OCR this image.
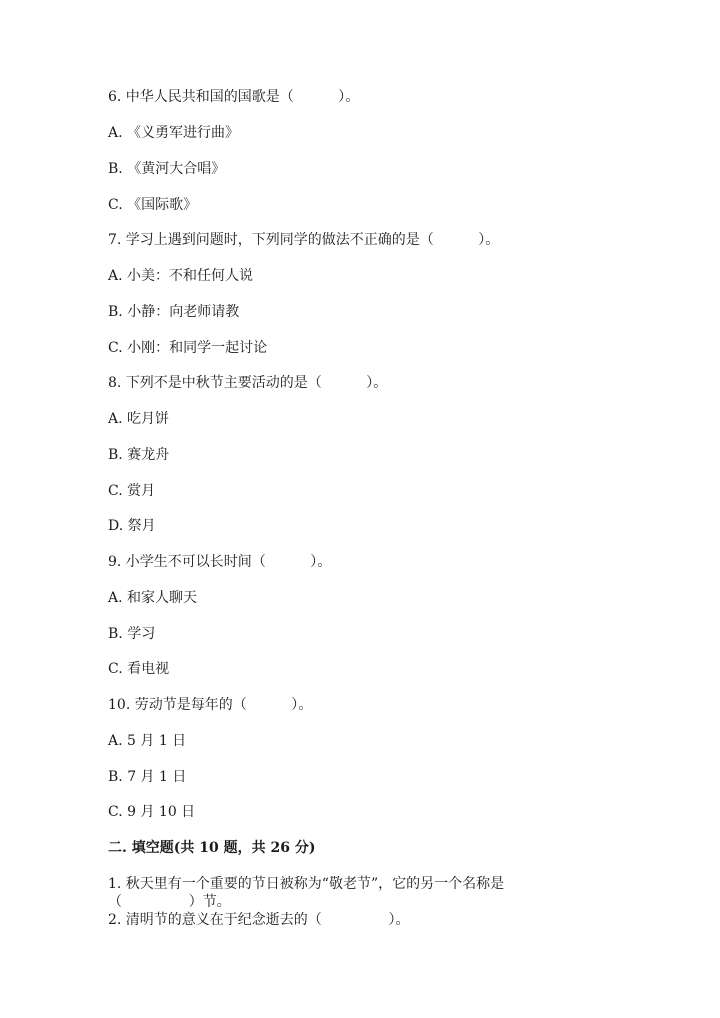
6. 中华人民共和国的国歌是（          ）。
A. 《义勇军进行曲》
B. 《黄河大合唱》
C. 《国际歌》
7. 学习上遇到问题时，下列同学的做法不正确的是（          ）。
A. 小美：不和任何人说
B. 小静：向老师请教
C. 小刚：和同学一起讨论
8. 下列不是中秋节主要活动的是（          ）。
A. 吃月饼
B. 赛龙舟
C. 赏月
D. 祭月
9. 小学生不可以长时间（          ）。
A. 和家人聊天
B. 学习
C. 看电视
10. 劳动节是每年的（          ）。
A. 5 月 1 日
B. 7 月 1 日
C. 9 月 10 日
二. 填空题(共 10 题，共 26 分)
1. 秋天里有一个重要的节日被称为“敬老节”，它的另一个名称是
（               ）节。
2. 清明节的意义在于纪念逝去的（               ）。
